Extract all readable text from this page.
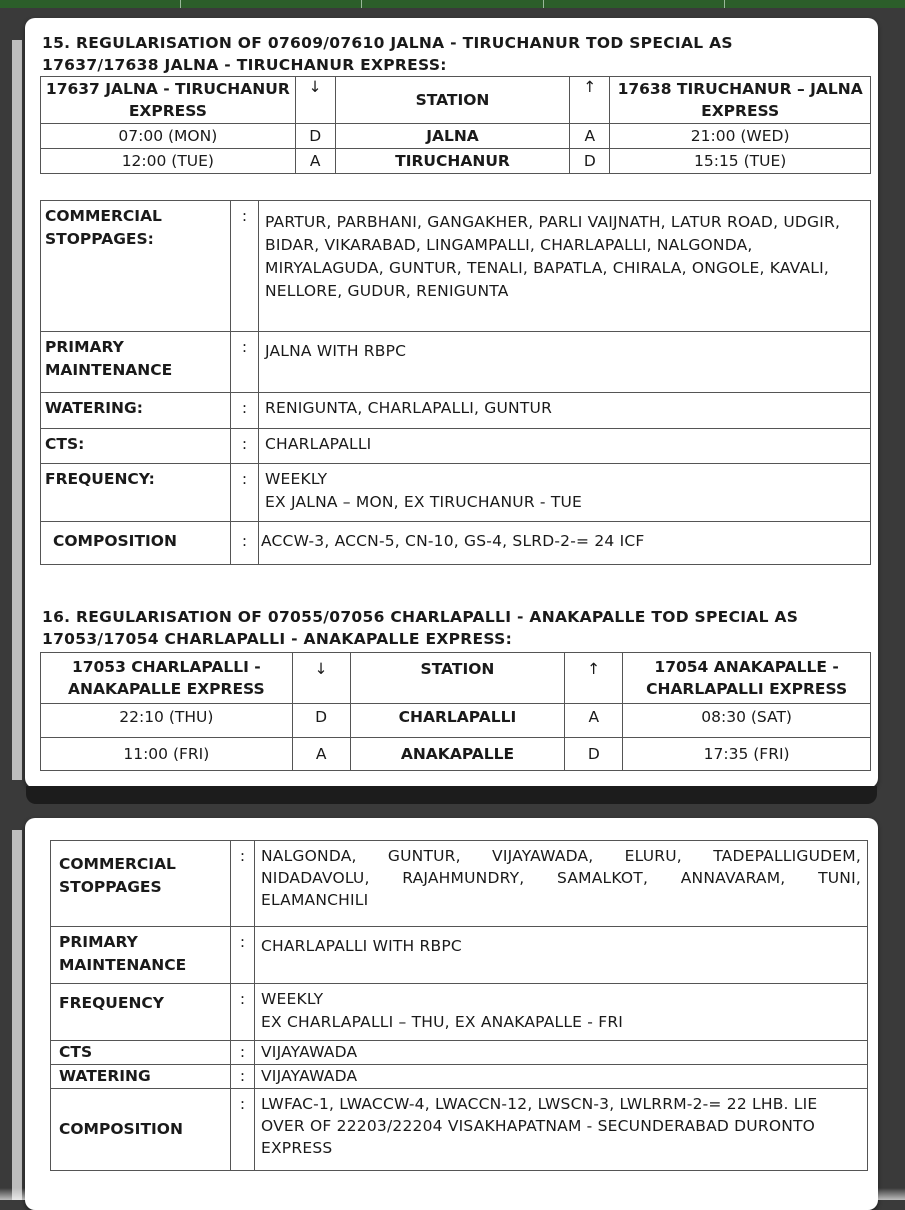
15. REGULARISATION OF 07609/07610 JALNA - TIRUCHANUR TOD SPECIAL AS
17637/17638 JALNA - TIRUCHANUR EXPRESS:
17637 JALNA - TIRUCHANUR EXPRESS	↓	STATION	↑	17638 TIRUCHANUR – JALNA EXPRESS
07:00 (MON)	D	JALNA	A	21:00 (WED)
12:00 (TUE)	A	TIRUCHANUR	D	15:15 (TUE)
COMMERCIAL STOPPAGES:	:	PARTUR, PARBHANI, GANGAKHER, PARLI VAIJNATH, LATUR ROAD, UDGIR, BIDAR, VIKARABAD, LINGAMPALLI, CHARLAPALLI, NALGONDA, MIRYALAGUDA, GUNTUR, TENALI, BAPATLA, CHIRALA, ONGOLE, KAVALI, NELLORE, GUDUR, RENIGUNTA
PRIMARY MAINTENANCE	:	JALNA WITH RBPC
WATERING:	:	RENIGUNTA, CHARLAPALLI, GUNTUR
CTS:	:	CHARLAPALLI
FREQUENCY:	:	WEEKLY
EX JALNA – MON, EX TIRUCHANUR - TUE

COMPOSITION	:	ACCW-3, ACCN-5, CN-10, GS-4, SLRD-2-= 24 ICF
16. REGULARISATION OF 07055/07056 CHARLAPALLI - ANAKAPALLE TOD SPECIAL AS
17053/17054 CHARLAPALLI - ANAKAPALLE EXPRESS:
17053 CHARLAPALLI - ANAKAPALLE EXPRESS	↓	STATION	↑	17054 ANAKAPALLE - CHARLAPALLI EXPRESS
22:10 (THU)	D	CHARLAPALLI	A	08:30 (SAT)
11:00 (FRI)	A	ANAKAPALLE	D	17:35 (FRI)
COMMERCIAL STOPPAGES	:	NALGONDA, GUNTUR, VIJAYAWADA, ELURU, TADEPALLIGUDEM, NIDADAVOLU, RAJAHMUNDRY, SAMALKOT, ANNAVARAM, TUNI, ELAMANCHILI
PRIMARY MAINTENANCE	:	CHARLAPALLI WITH RBPC
FREQUENCY	:	WEEKLY
EX CHARLAPALLI – THU, EX ANAKAPALLE - FRI

CTS	:	VIJAYAWADA
WATERING	:	VIJAYAWADA
COMPOSITION	:	LWFAC-1, LWACCW-4, LWACCN-12, LWSCN-3, LWLRRM-2-= 22 LHB. LIE OVER OF 22203/22204 VISAKHAPATNAM - SECUNDERABAD DURONTO EXPRESS
